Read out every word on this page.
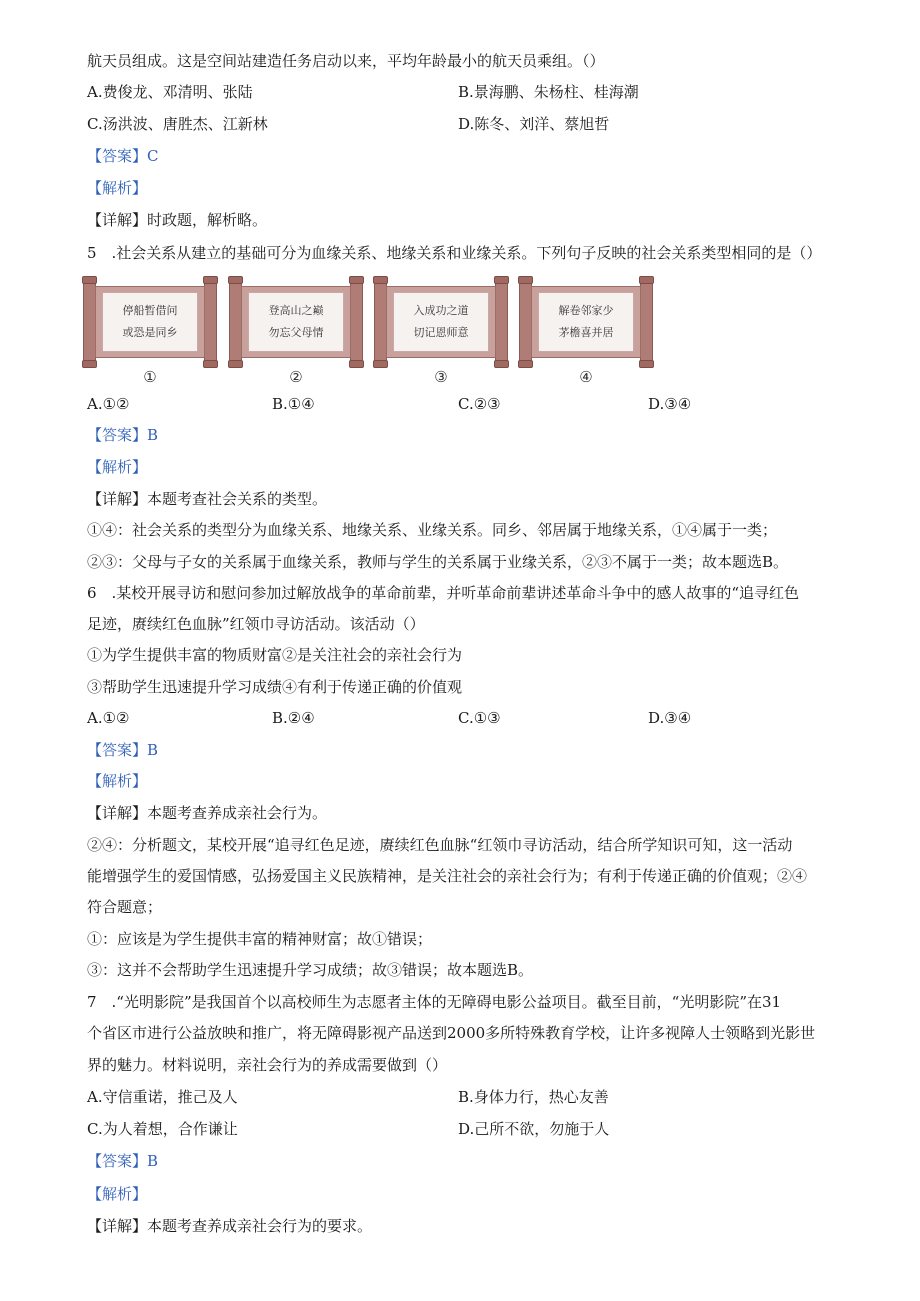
航天员组成。这是空间站建造任务启动以来，平均年龄最小的航天员乘组。（）
A.费俊龙、邓清明、张陆	B.景海鹏、朱杨柱、桂海潮
C.汤洪波、唐胜杰、江新林	D.陈冬、刘洋、蔡旭哲
【答案】C
【解析】
【详解】时政题，解析略。
5　.社会关系从建立的基础可分为血缘关系、地缘关系和业缘关系。下列句子反映的社会关系类型相同的是（）
停船暂借问
或恐是同乡
①
登高山之巅
勿忘父母情
②
入成功之道
切记恩师意
③
解卷邻家少
茅檐喜并居
④
A.①②	B.①④	C.②③	D.③④
【答案】B
【解析】
【详解】本题考查社会关系的类型。
①④：社会关系的类型分为血缘关系、地缘关系、业缘关系。同乡、邻居属于地缘关系，①④属于一类；
②③：父母与子女的关系属于血缘关系，教师与学生的关系属于业缘关系，②③不属于一类；故本题选B。
6　.某校开展寻访和慰问参加过解放战争的革命前辈，并听革命前辈讲述革命斗争中的感人故事的“追寻红色
足迹，赓续红色血脉”红领巾寻访活动。该活动（）
①为学生提供丰富的物质财富②是关注社会的亲社会行为
③帮助学生迅速提升学习成绩④有利于传递正确的价值观
A.①②	B.②④	C.①③	D.③④
【答案】B
【解析】
【详解】本题考查养成亲社会行为。
②④：分析题文，某校开展“追寻红色足迹，赓续红色血脉“红领巾寻访活动，结合所学知识可知，这一活动
能增强学生的爱国情感，弘扬爱国主义民族精神，是关注社会的亲社会行为；有利于传递正确的价值观；②④
符合题意；
①：应该是为学生提供丰富的精神财富；故①错误；
③：这并不会帮助学生迅速提升学习成绩；故③错误；故本题选B。
7　.“光明影院”是我国首个以高校师生为志愿者主体的无障碍电影公益项目。截至目前，“光明影院”在31
个省区市进行公益放映和推广，将无障碍影视产品送到2000多所特殊教育学校，让许多视障人士领略到光影世
界的魅力。材料说明，亲社会行为的养成需要做到（）
A.守信重诺，推己及人	B.身体力行，热心友善
C.为人着想，合作谦让	D.己所不欲，勿施于人
【答案】B
【解析】
【详解】本题考查养成亲社会行为的要求。
